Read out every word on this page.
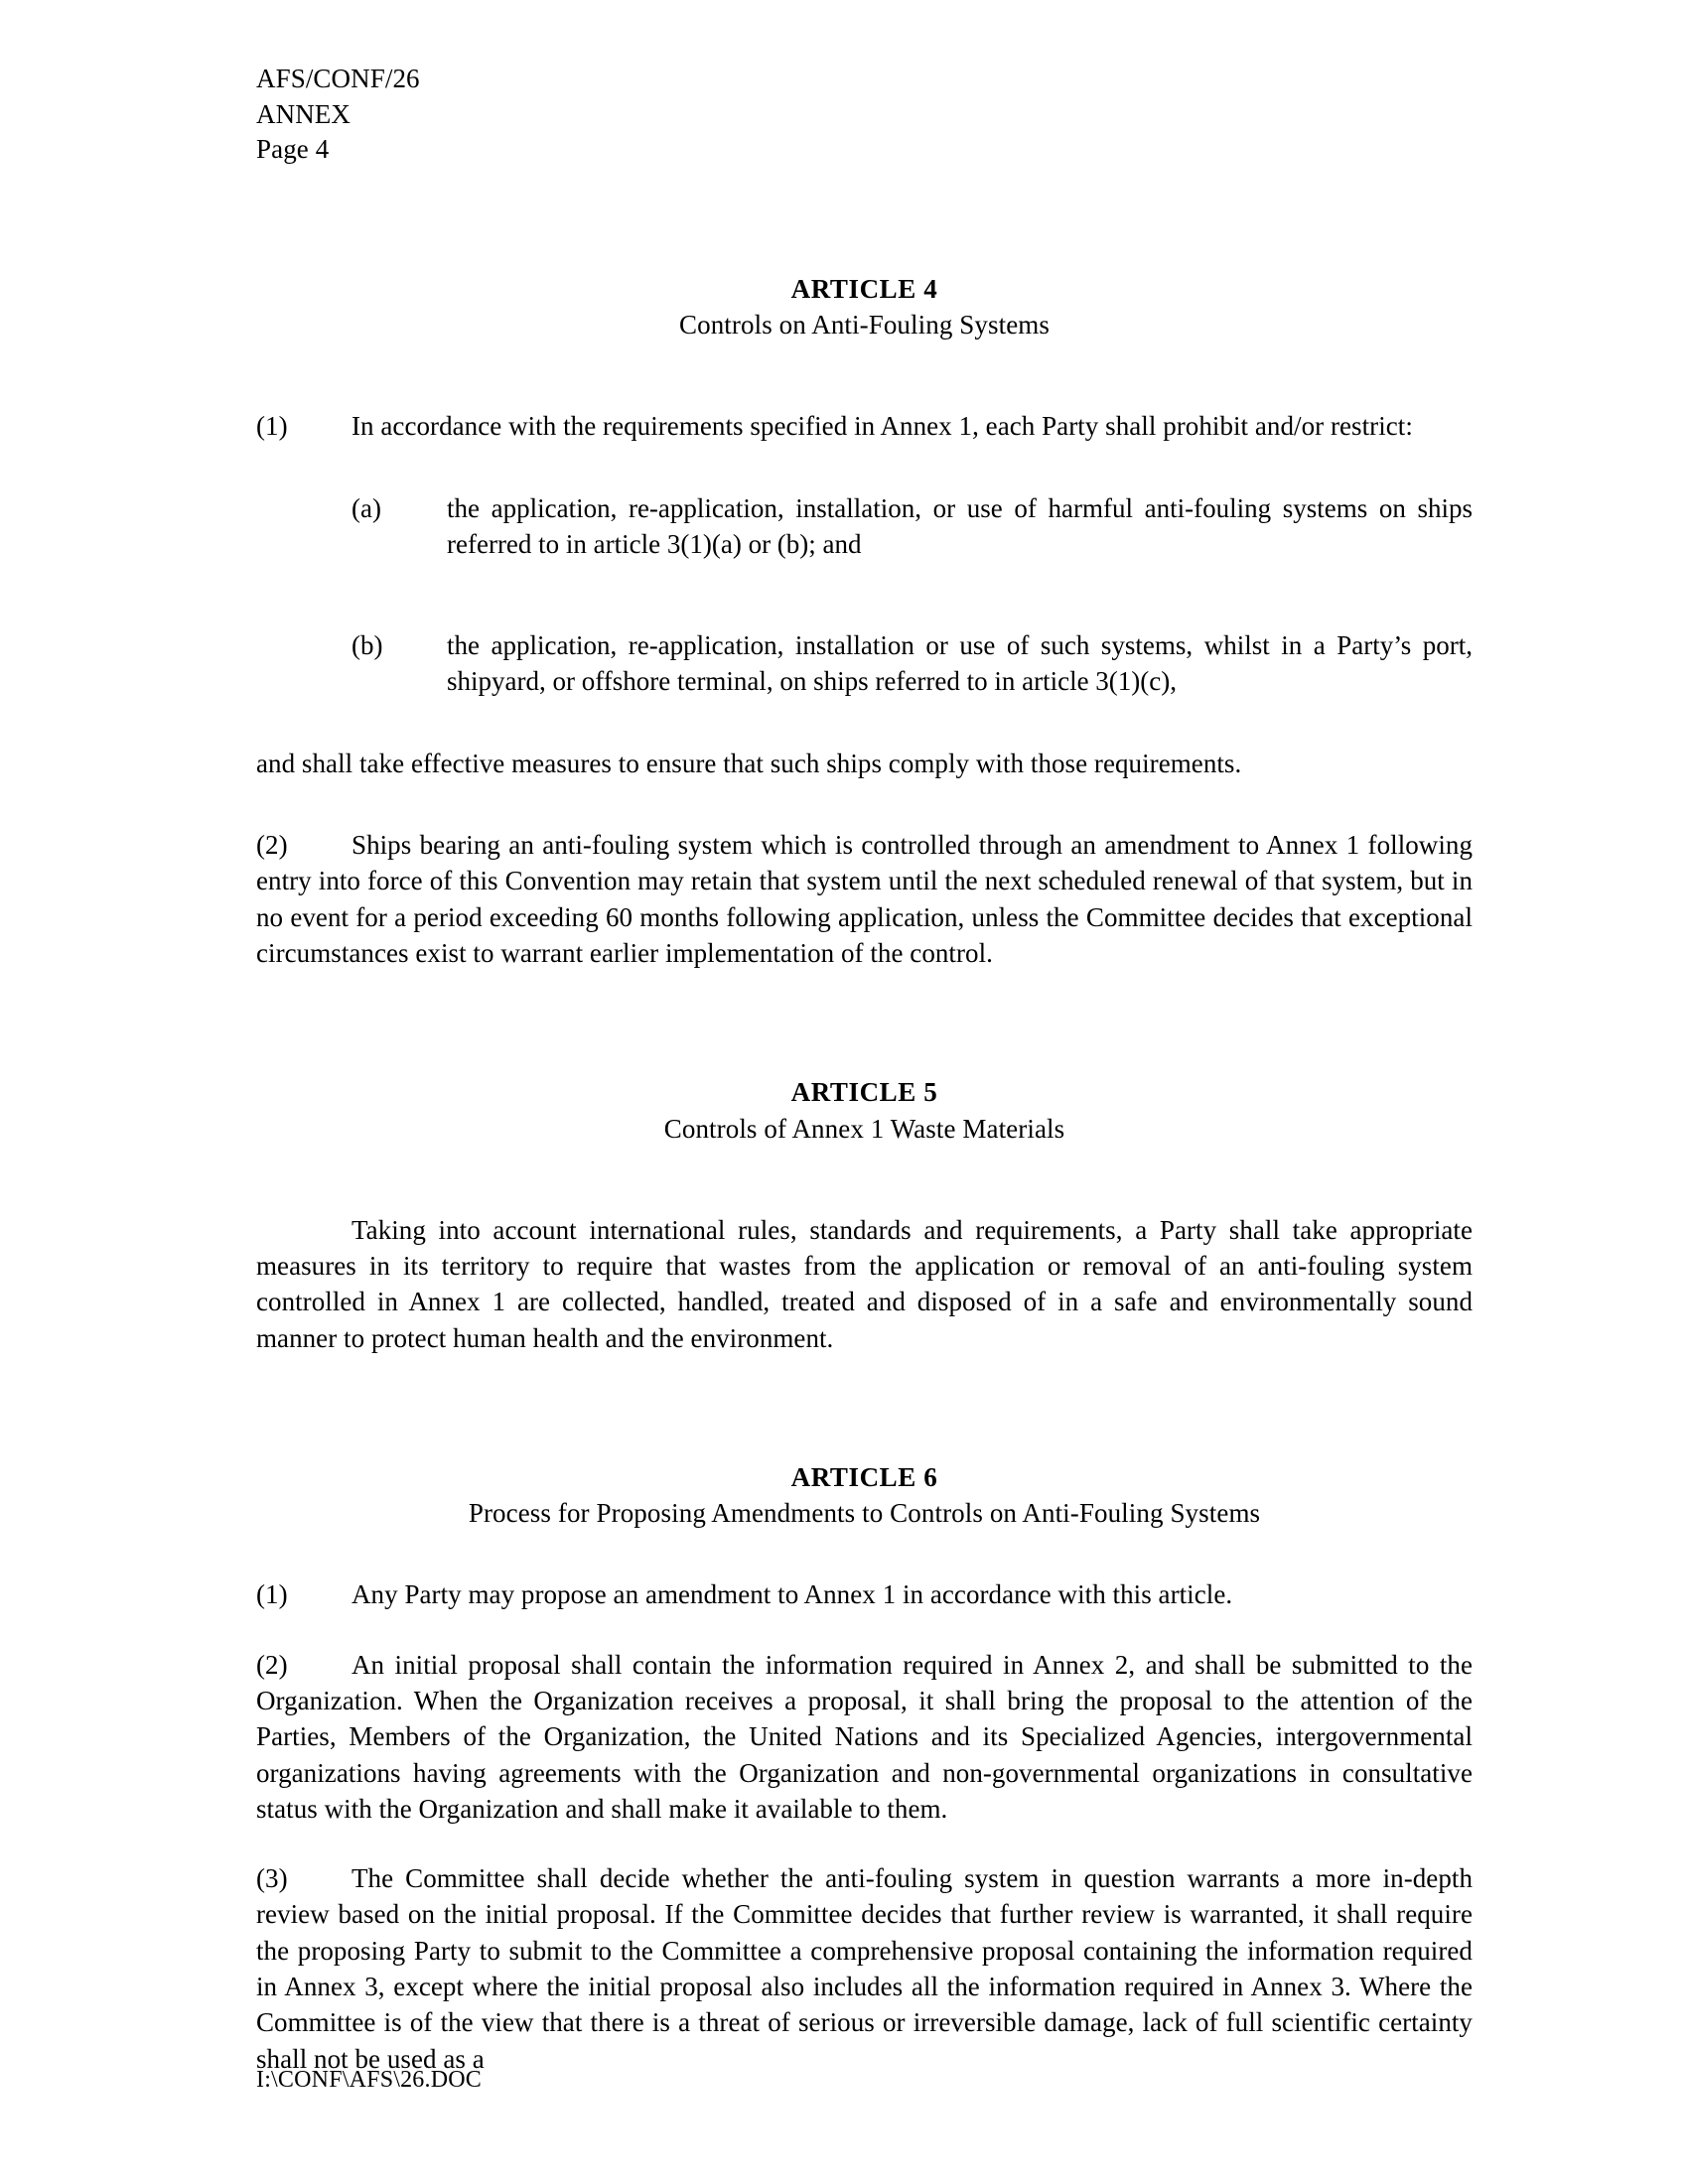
AFS/CONF/26
ANNEX
Page 4
ARTICLE 4
Controls on Anti-Fouling Systems

(1) In accordance with the requirements specified in Annex 1, each Party shall prohibit and/or restrict:

(a)	the application, re-application, installation, or use of harmful anti-fouling systems on ships referred to in article 3(1)(a) or (b); and
(b)	the application, re-application, installation or use of such systems, whilst in a Party’s port, shipyard, or offshore terminal, on ships referred to in article 3(1)(c),

and shall take effective measures to ensure that such ships comply with those requirements.

(2) Ships bearing an anti-fouling system which is controlled through an amendment to Annex 1 following entry into force of this Convention may retain that system until the next scheduled renewal of that system, but in no event for a period exceeding 60 months following application, unless the Committee decides that exceptional circumstances exist to warrant earlier implementation of the control.

ARTICLE 5
Controls of Annex 1 Waste Materials

Taking into account international rules, standards and requirements, a Party shall take appropriate measures in its territory to require that wastes from the application or removal of an anti-fouling system controlled in Annex 1 are collected, handled, treated and disposed of in a safe and environmentally sound manner to protect human health and the environment.

ARTICLE 6
Process for Proposing Amendments to Controls on Anti-Fouling Systems

(1) Any Party may propose an amendment to Annex 1 in accordance with this article.

(2) An initial proposal shall contain the information required in Annex 2, and shall be submitted to the Organization. When the Organization receives a proposal, it shall bring the proposal to the attention of the Parties, Members of the Organization, the United Nations and its Specialized Agencies, intergovernmental organizations having agreements with the Organization and non-governmental organizations in consultative status with the Organization and shall make it available to them.

(3) The Committee shall decide whether the anti-fouling system in question warrants a more in-depth review based on the initial proposal. If the Committee decides that further review is warranted, it shall require the proposing Party to submit to the Committee a comprehensive proposal containing the information required in Annex 3, except where the initial proposal also includes all the information required in Annex 3. Where the Committee is of the view that there is a threat of serious or irreversible damage, lack of full scientific certainty shall not be used as a

I:\CONF\AFS\26.DOC
